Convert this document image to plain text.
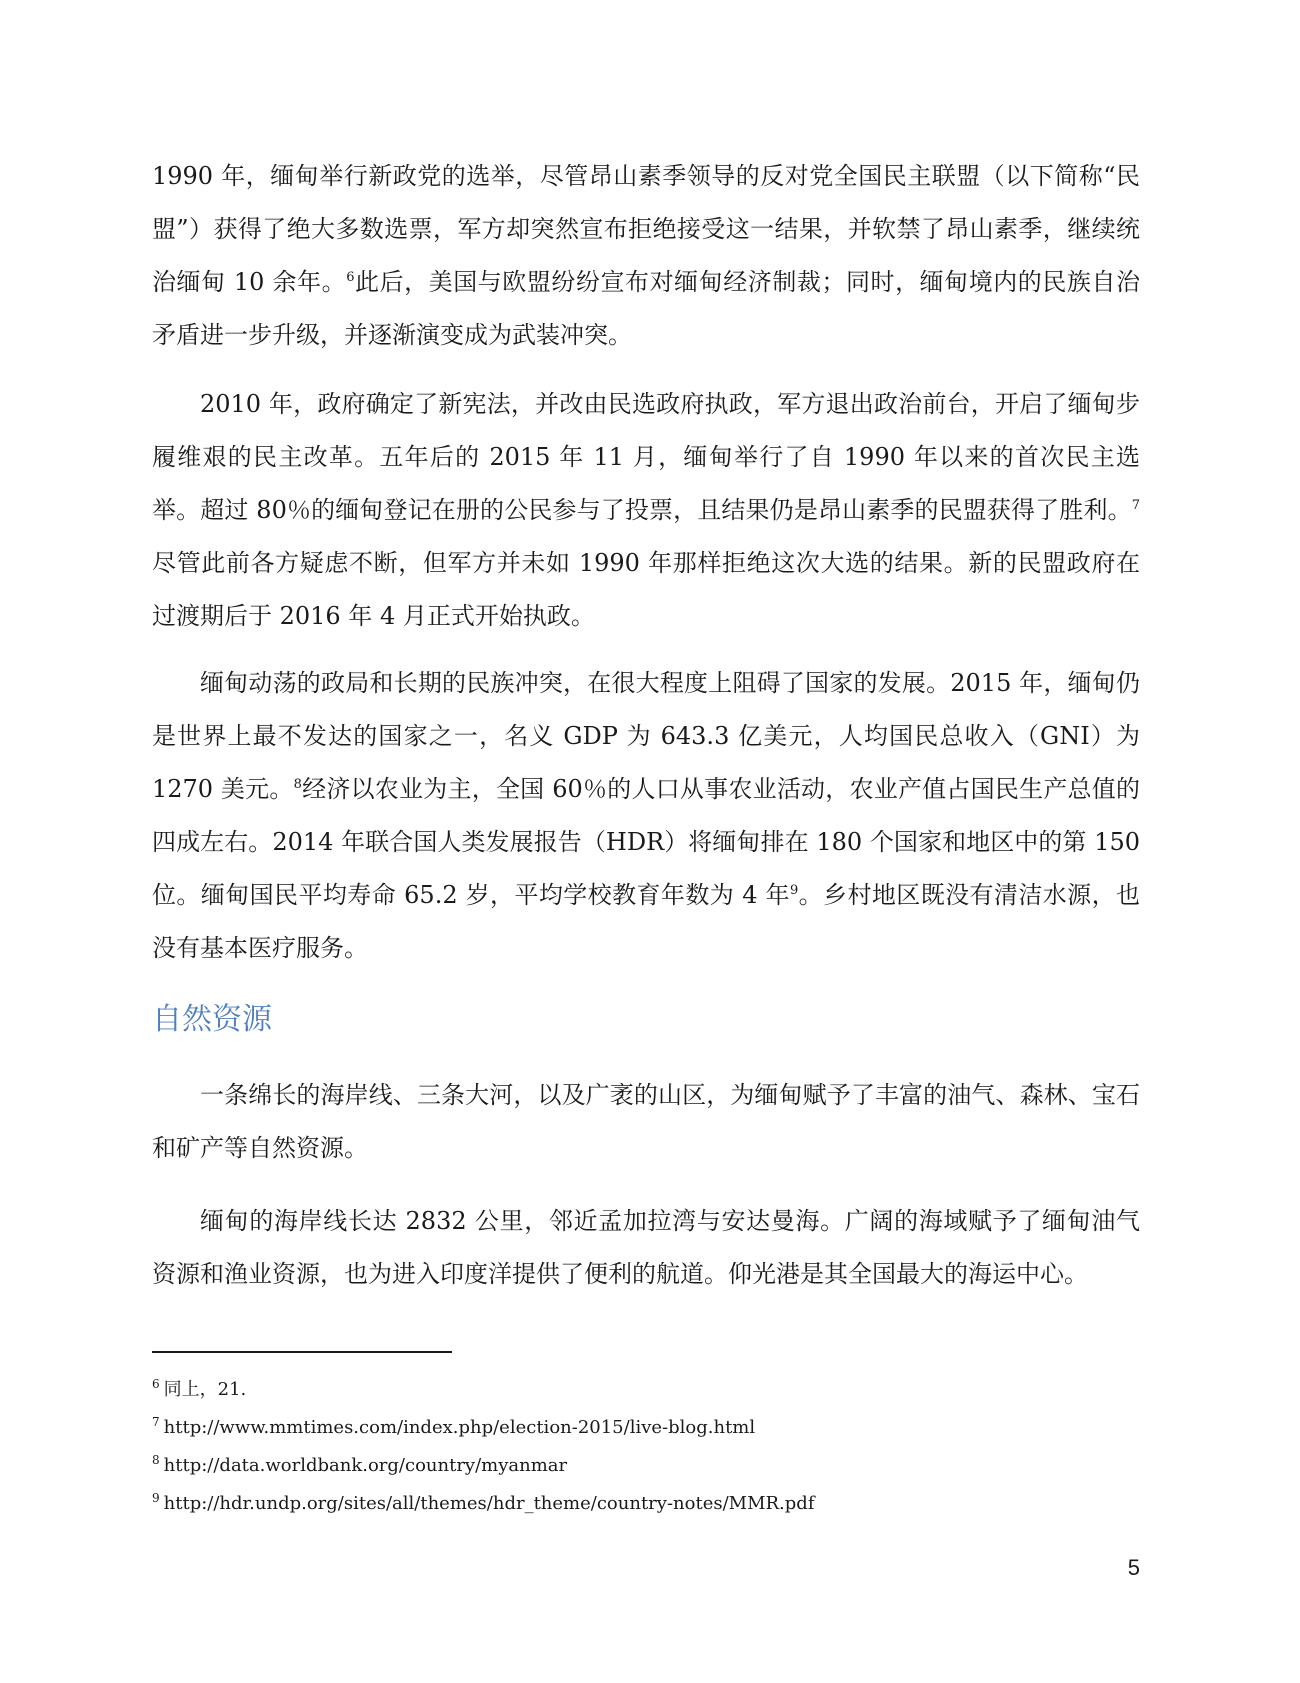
1990 年，缅甸举行新政党的选举，尽管昂山素季领导的反对党全国民主联盟（以下简称“民盟”）获得了绝大多数选票，军方却突然宣布拒绝接受这一结果，并软禁了昂山素季，继续统治缅甸 10 余年。$^6$此后，美国与欧盟纷纷宣布对缅甸经济制裁；同时，缅甸境内的民族自治矛盾进一步升级，并逐渐演变成为武装冲突。

2010 年，政府确定了新宪法，并改由民选政府执政，军方退出政治前台，开启了缅甸步履维艰的民主改革。五年后的 2015 年 11 月，缅甸举行了自 1990 年以来的首次民主选举。超过 80％的缅甸登记在册的公民参与了投票，且结果仍是昂山素季的民盟获得了胜利。$^7$尽管此前各方疑虑不断，但军方并未如 1990 年那样拒绝这次大选的结果。新的民盟政府在过渡期后于 2016 年 4 月正式开始执政。

缅甸动荡的政局和长期的民族冲突，在很大程度上阻碍了国家的发展。2015 年，缅甸仍是世界上最不发达的国家之一，名义 GDP 为 643.3 亿美元，人均国民总收入（GNI）为 1270 美元。$^8$经济以农业为主，全国 60％的人口从事农业活动，农业产值占国民生产总值的四成左右。2014 年联合国人类发展报告（HDR）将缅甸排在 180 个国家和地区中的第 150 位。缅甸国民平均寿命 65.2 岁，平均学校教育年数为 4 年$^9$。乡村地区既没有清洁水源，也没有基本医疗服务。

自然资源

一条绵长的海岸线、三条大河，以及广袤的山区，为缅甸赋予了丰富的油气、森林、宝石和矿产等自然资源。

缅甸的海岸线长达 2832 公里，邻近孟加拉湾与安达曼海。广阔的海域赋予了缅甸油气资源和渔业资源，也为进入印度洋提供了便利的航道。仰光港是其全国最大的海运中心。

$^6$ 同上，21.
$^7$ http://www.mmtimes.com/index.php/election-2015/live-blog.html
$^8$ http://data.worldbank.org/country/myanmar
$^9$ http://hdr.undp.org/sites/all/themes/hdr_theme/country-notes/MMR.pdf
5
